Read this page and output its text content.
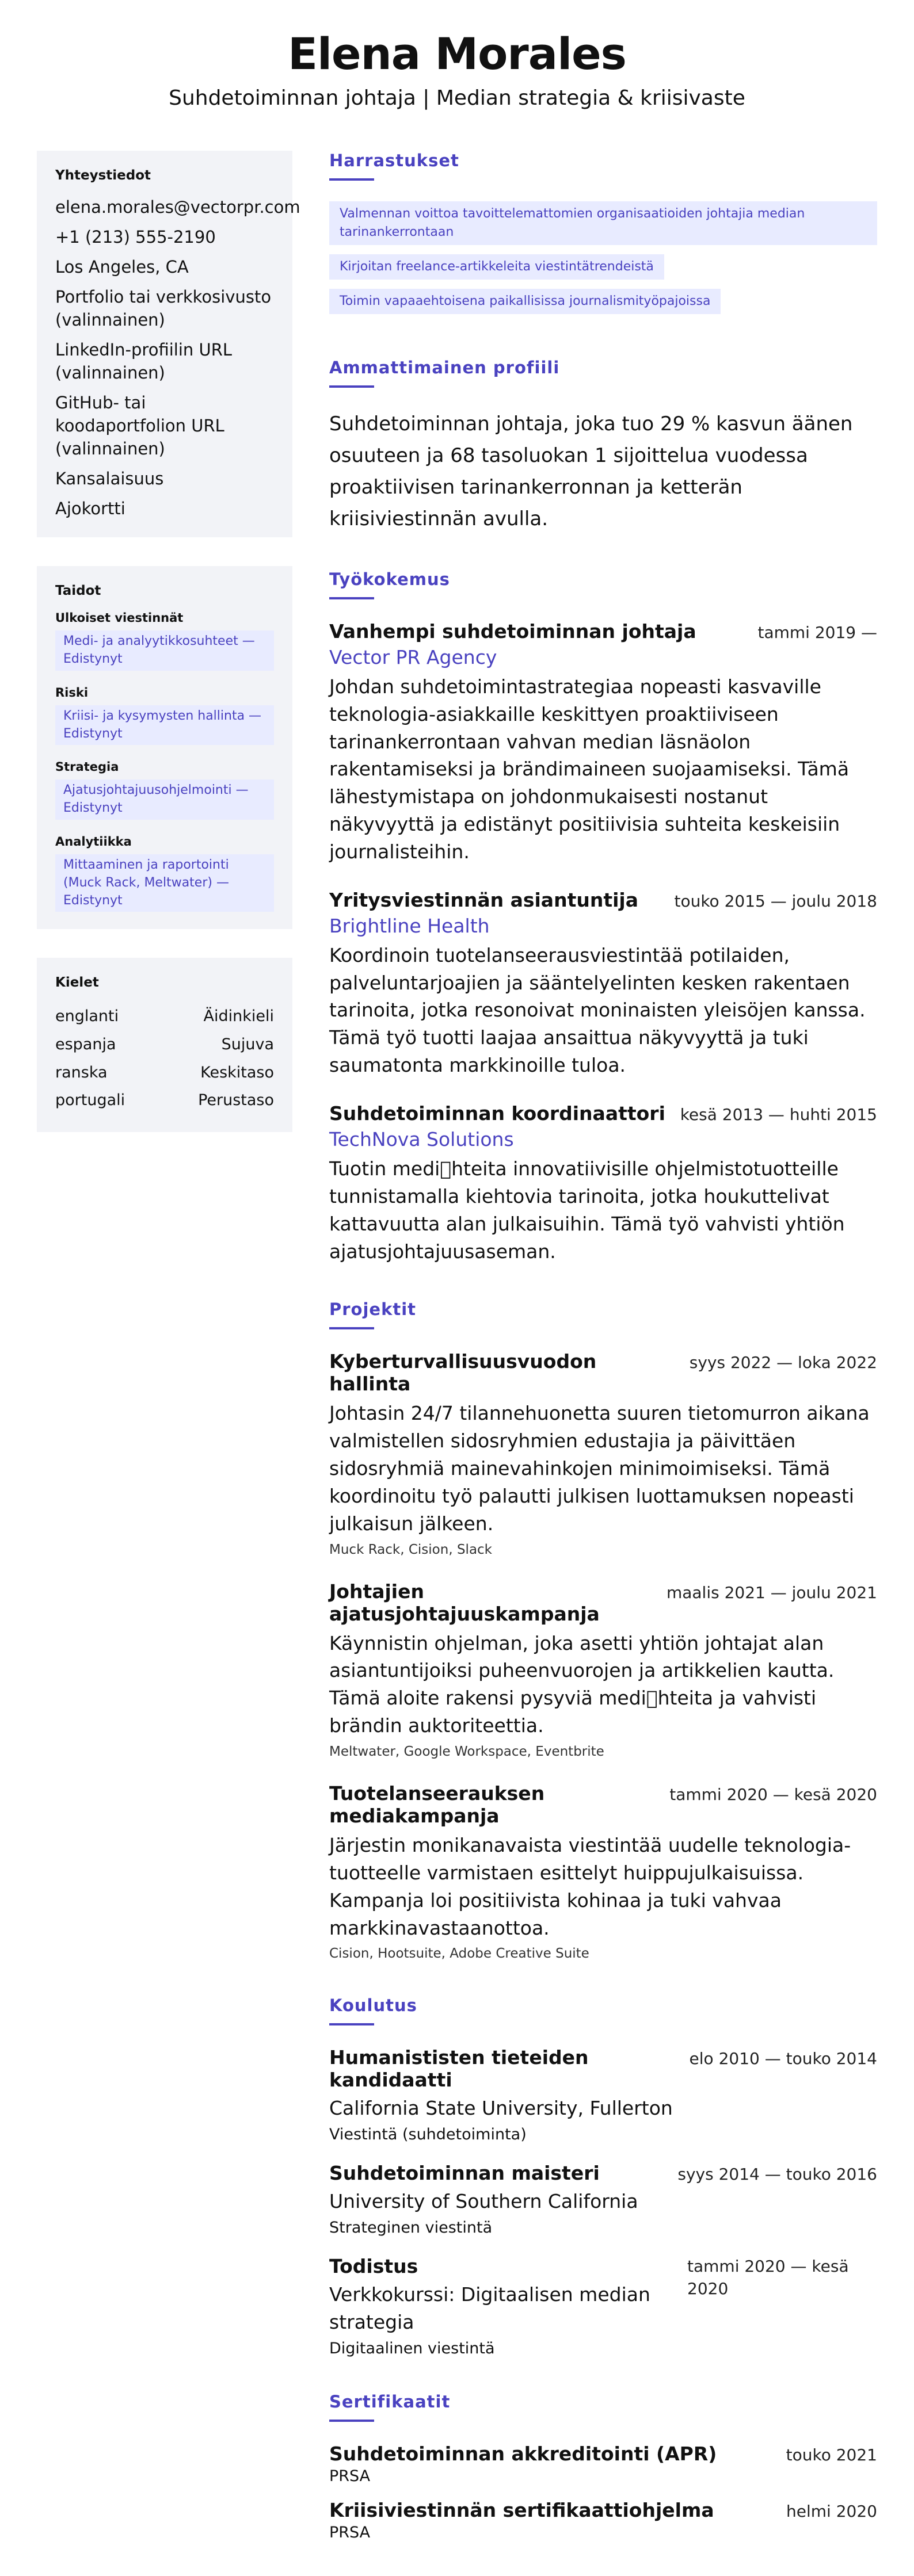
Elena Morales
Suhdetoiminnan johtaja | Median strategia & kriisivaste
Yhteystiedot
elena.morales@vectorpr.com
+1 (213) 555-2190
Los Angeles, CA
Portfolio tai verkkosivusto (valinnainen)
LinkedIn-profiilin URL (valinnainen)
GitHub- tai koodaportfolion URL (valinnainen)
Kansalaisuus
Ajokortti
Taidot
Ulkoiset viestinnät
Medi- ja analyytikkosuhteet — Edistynyt
Riski
Kriisi- ja kysymysten hallinta — Edistynyt
Strategia
Ajatusjohtajuusohjelmointi — Edistynyt
Analytiikka
Mittaaminen ja raportointi (Muck Rack, Meltwater) — Edistynyt
Kielet
englanti	Äidinkieli
espanja	Sujuva
ranska	Keskitaso
portugali	Perustaso
Harrastukset
Valmennan voittoa tavoittelemattomien organisaatioiden johtajia median tarinankerrontaan
Kirjoitan freelance-artikkeleita viestintätrendeistä
Toimin vapaaehtoisena paikallisissa journalismityöpajoissa
Ammattimainen profiili
Suhdetoiminnan johtaja, joka tuo 29 % kasvun äänen osuuteen ja 68 tasoluokan 1 sijoittelua vuodessa proaktiivisen tarinankerronnan ja ketterän kriisiviestinnän avulla.
Työkokemus
Vanhempi suhdetoiminnan johtaja	tammi 2019 —
Vector PR Agency
Johdan suhdetoimintastrategiaa nopeasti kasvaville teknologia-asiakkaille keskittyen proaktiiviseen tarinankerrontaan vahvan median läsnäolon rakentamiseksi ja brändimaineen suojaamiseksi. Tämä lähestymistapa on johdonmukaisesti nostanut näkyvyyttä ja edistänyt positiivisia suhteita keskeisiin journalisteihin.
Yritysviestinnän asiantuntija touko 2015 — joulu 2018
Brightline Health
Koordinoin tuotelanseerausviestintää potilaiden, palveluntarjoajien ja sääntelyelinten kesken rakentaen tarinoita, jotka resonoivat moninaisten yleisöjen kanssa. Tämä työ tuotti laajaa ansaittua näkyvyyttä ja tuki saumatonta markkinoille tuloa.
Suhdetoiminnan koordinaattori kesä 2013 — huhti 2015
TechNova Solutions
Tuotin medi hteita innovatiivisille ohjelmistotuotteille tunnistamalla kiehtovia tarinoita, jotka houkuttelivat kattavuutta alan julkaisuihin. Tämä työ vahvisti yhtiön ajatusjohtajuusaseman.
Projektit
Kyberturvallisuusvuodon hallinta
syys 2022 — loka 2022
Johtasin 24/7 tilannehuonetta suuren tietomurron aikana valmistellen sidosryhmien edustajia ja päivittäen sidosryhmiä mainevahinkojen minimoimiseksi. Tämä koordinoitu työ palautti julkisen luottamuksen nopeasti julkaisun jälkeen.
Muck Rack, Cision, Slack
Johtajien ajatusjohtajuuskampanja
maalis 2021 — joulu 2021
Käynnistin ohjelman, joka asetti yhtiön johtajat alan asiantuntijoiksi puheenvuorojen ja artikkelien kautta. Tämä aloite rakensi pysyviä medi hteita ja vahvisti brändin auktoriteettia.
Meltwater, Google Workspace, Eventbrite
Tuotelanseerauksen mediakampanja
tammi 2020 — kesä 2020
Järjestin monikanavaista viestintää uudelle teknologia-tuotteelle varmistaen esittelyt huippujulkaisuissa. Kampanja loi positiivista kohinaa ja tuki vahvaa markkinavastaanottoa.
Cision, Hootsuite, Adobe Creative Suite
Koulutus
Humanististen tieteiden kandidaatti
elo 2010 — touko 2014
California State University, Fullerton
Viestintä (suhdetoiminta)
Suhdetoiminnan maisteri	syys 2014 — touko 2016
University of Southern California
Strateginen viestintä
Todistus
Verkkokurssi: Digitaalisen median strategia
tammi 2020 — kesä 2020
Digitaalinen viestintä
Sertifikaatit
Suhdetoiminnan akkreditointi (APR)	touko 2021
PRSA
Kriisiviestinnän sertifikaattiohjelma	helmi 2020
PRSA
